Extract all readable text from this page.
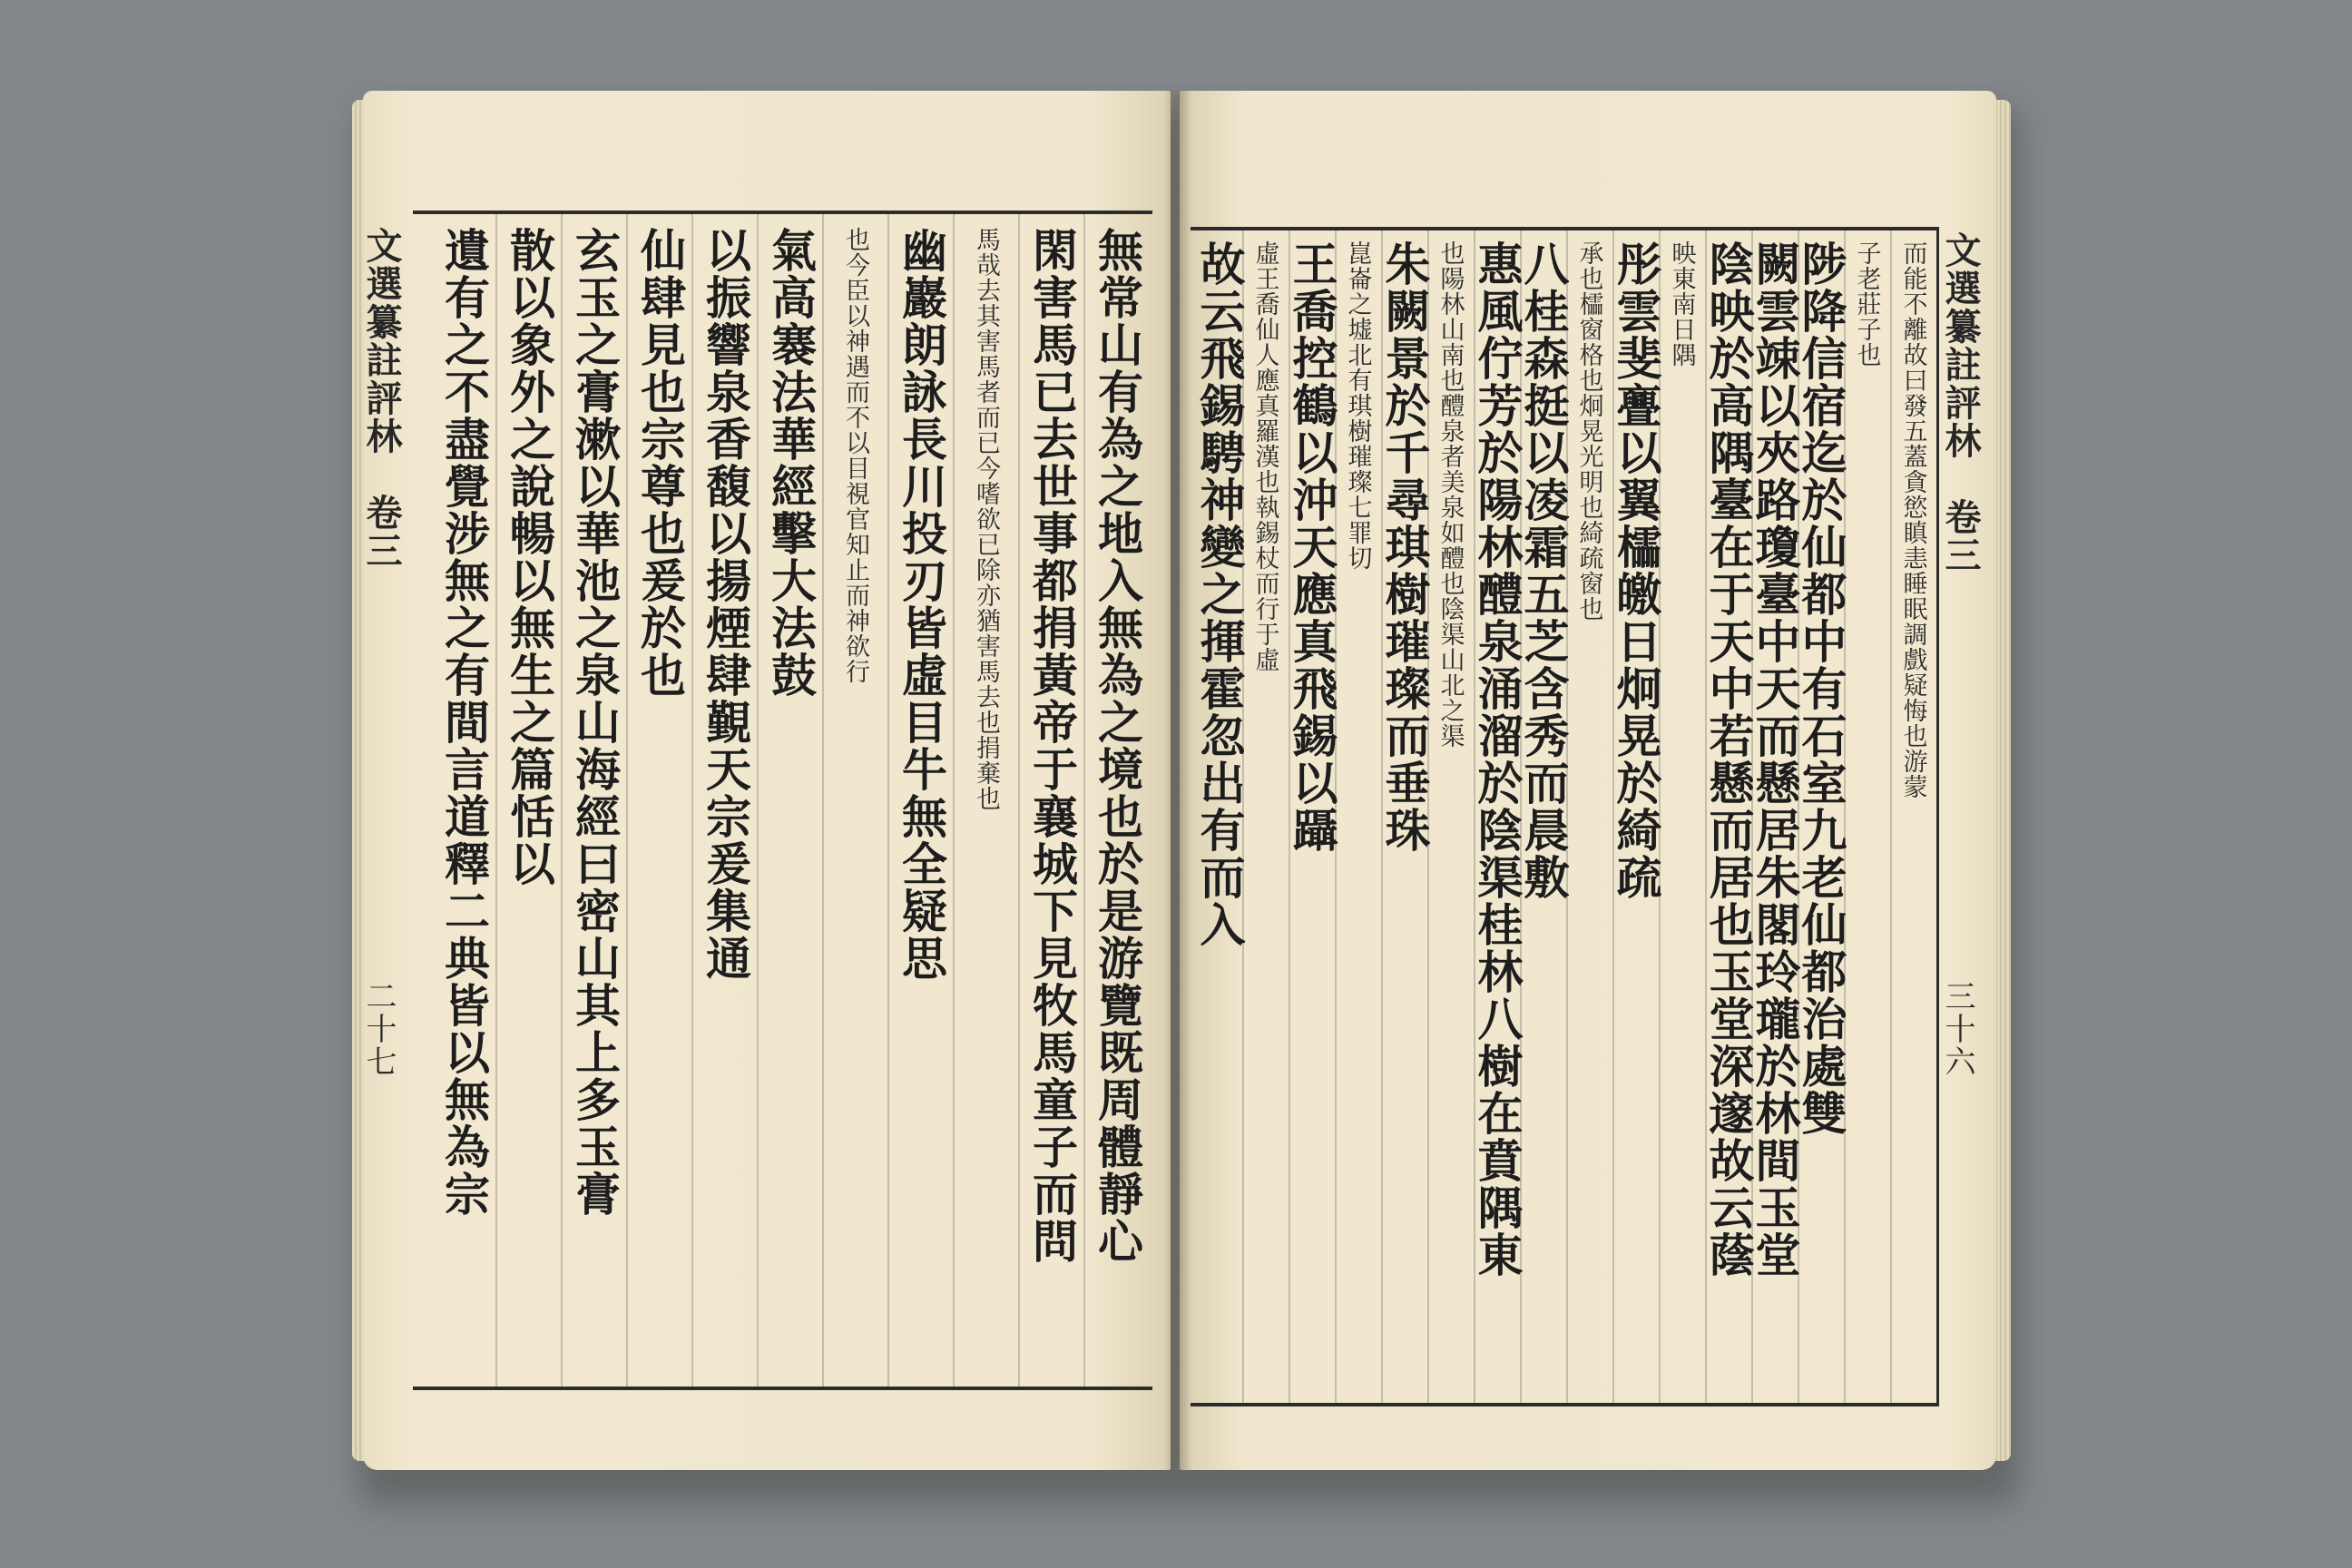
文選纂註評林　卷三
二十七	無常山有為之地入無為之境也於是游覽既周體靜心
閑害馬已去世事都捐黃帝于襄城下見牧馬童子而問
馬哉去其害馬者而已今嗜欲已除亦猶害馬去也捐棄也
幽巖朗詠長川投刃皆虛目牛無全疑思
也今臣以神遇而不以目視官知止而神欲行
氣高褰法華經擊大法鼓
以振響泉香馥以揚煙肆覲天宗爰集通
仙肆見也宗尊也爰於也
玄玉之膏漱以華池之泉山海經曰密山其上多玉膏
散以象外之說暢以無生之篇恬以
遺有之不盡覺涉無之有間言道釋二典皆以無為宗	文選纂註評林　卷三
三十六
而能不離故曰發五蓋貪慾瞋恚睡眠調戲疑悔也游蒙
子老莊子也
陟降信宿迄於仙都中有石室九老仙都治處雙
闕雲竦以夾路瓊臺中天而懸居朱閣玲瓏於林間玉堂
陰映於高隅臺在于天中若懸而居也玉堂深邃故云蔭
映東南日隅
彤雲斐亹以翼櫺皦日炯晃於綺疏
承也櫺窗格也炯晃光明也綺疏窗也
八桂森挺以凌霜五芝含秀而晨敷
惠風佇芳於陽林醴泉涌溜於陰渠桂林八樹在賁隅東
也陽林山南也醴泉者美泉如醴也陰渠山北之渠
朱闕景於千尋琪樹璀璨而垂珠
崑崙之墟北有琪樹璀璨七罪切
王喬控鶴以沖天應真飛錫以躡
虛王喬仙人應真羅漢也執錫杖而行于虛
故云飛錫騁神變之揮霍忽出有而入
